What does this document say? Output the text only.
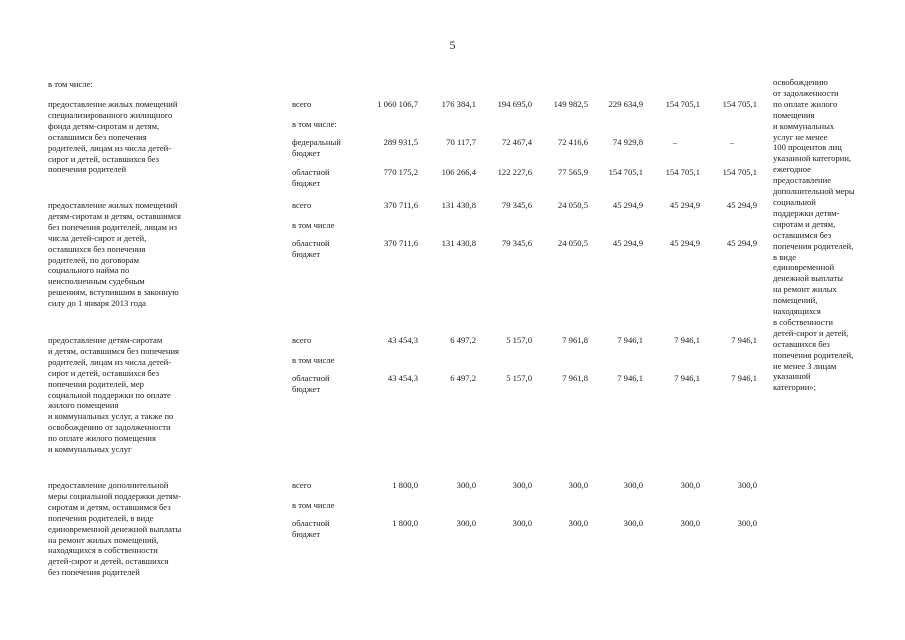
5
в том числе:
предоставление жилых помещений
специализированного жилищного
фонда детям-сиротам и детям,
оставшимся без попечения
родителей, лицам из числа детей-
сирот и детей, оставшихся без
попечения родителей
всего	1 060 106,7	176 384,1	194 695,0	149 982,5	229 634,9	154 705,1	154 705,1
в том числе:
федеральный
бюджет
289 931,5	70 117,7	72 467,4	72 416,6	74 929,8	–	–
областной
бюджет
770 175,2	106 266,4	122 227,6	77 565,9	154 705,1	154 705,1	154 705,1
предоставление жилых помещений
детям-сиротам и детям, оставшимся
без попечения родителей, лицам из
числа детей-сирот и детей,
оставшихся без попечения
родителей, по договорам
социального найма по
неисполненным судебным
решениям, вступившим в законную
силу до 1 января 2013 года
всего	370 711,6	131 430,8	79 345,6	24 050,5	45 294,9	45 294,9	45 294,9
в том числе
областной
бюджет
370 711,6	131 430,8	79 345,6	24 050,5	45 294,9	45 294,9	45 294,9
предоставление детям-сиротам
и детям, оставшимся без попечения
родителей, лицам из числа детей-
сирот и детей, оставшихся без
попечения родителей, мер
социальной поддержки по оплате
жилого помещения
и коммунальных услуг, а также по
освобождению от задолженности
по оплате жилого помещения
и коммунальных услуг
всего	43 454,3	6 497,2	5 157,0	7 961,8	7 946,1	7 946,1	7 946,1
в том числе
областной
бюджет
43 454,3	6 497,2	5 157,0	7 961,8	7 946,1	7 946,1	7 946,1
предоставление дополнительной
меры социальной поддержки детям-
сиротам и детям, оставшимся без
попечения родителей, в виде
единовременной денежной выплаты
на ремонт жилых помещений,
находящихся в собственности
детей-сирот и детей, оставшихся
без попечения родителей
всего	1 800,0	300,0	300,0	300,0	300,0	300,0	300,0
в том числе
областной
бюджет
1 800,0	300,0	300,0	300,0	300,0	300,0	300,0
освобождению
от задолженности
по оплате жилого
помещения
и коммунальных
услуг не менее
100 процентов лиц
указанной категории,
ежегодное
предоставление
дополнительной меры
социальной
поддержки детям-
сиротам и детям,
оставшимся без
попечения родителей,
в виде
единовременной
денежной выплаты
на ремонт жилых
помещений,
находящихся
в собственности
детей-сирот и детей,
оставшихся без
попечения родителей,
не менее 3 лицам
указанной
категории»;
